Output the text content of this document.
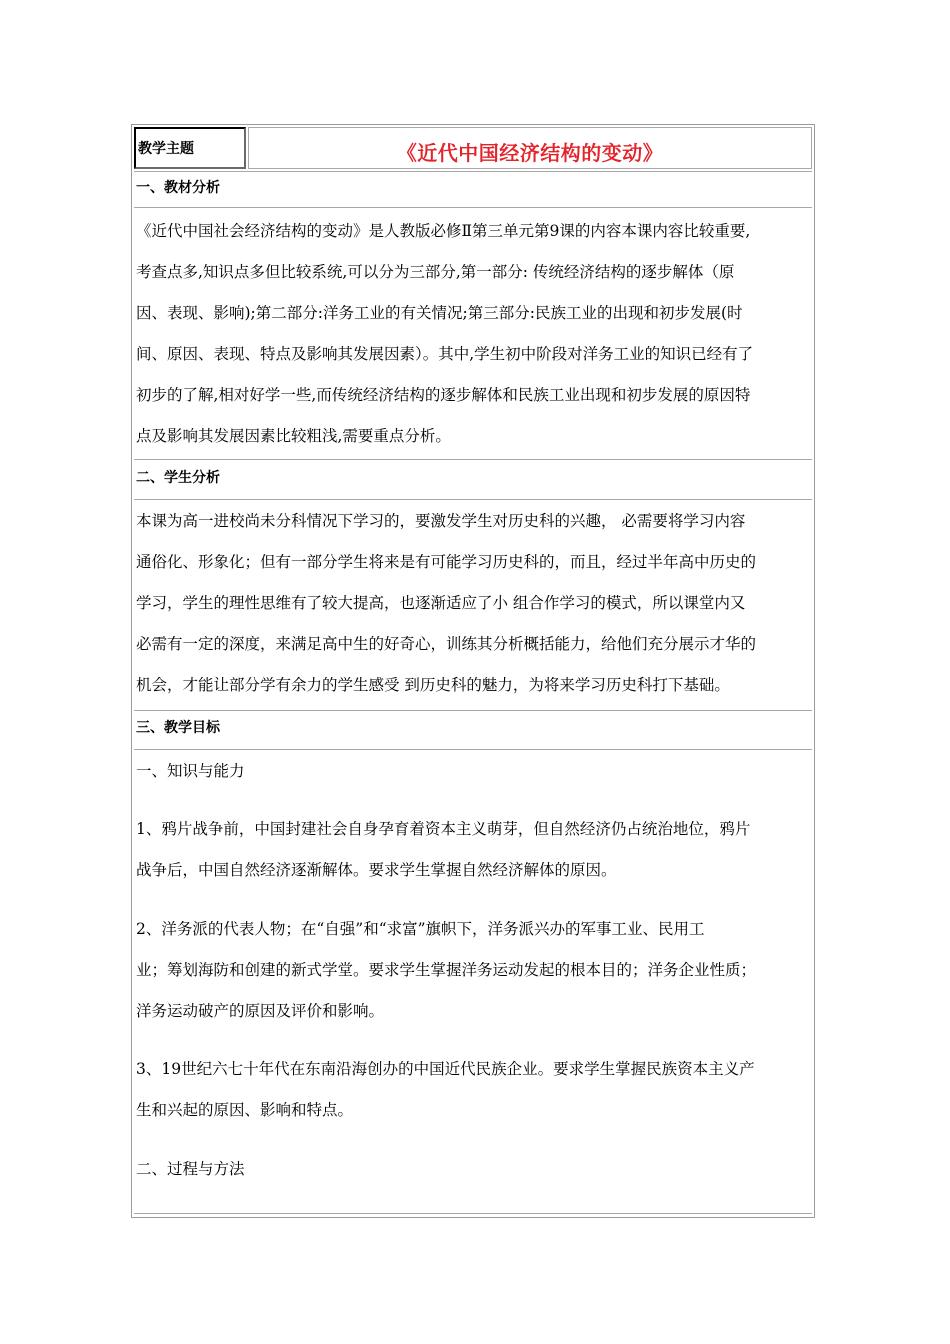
教学主题	《近代中国经济结构的变动》
一、教材分析
《近代中国社会经济结构的变动》是人教版必修Ⅱ第三单元第9课的内容本课内容比较重要,
考查点多,知识点多但比较系统,可以分为三部分,第一部分: 传统经济结构的逐步解体（原
因、表现、影响);第二部分:洋务工业的有关情况;第三部分:民族工业的出现和初步发展(时
间、原因、表现、特点及影响其发展因素）。其中,学生初中阶段对洋务工业的知识已经有了
初步的了解,相对好学一些,而传统经济结构的逐步解体和民族工业出现和初步发展的原因特
点及影响其发展因素比较粗浅,需要重点分析。
二、学生分析
本课为高一进校尚未分科情况下学习的，要激发学生对历史科的兴趣， 必需要将学习内容
通俗化、形象化；但有一部分学生将来是有可能学习历史科的，而且，经过半年高中历史的
学习，学生的理性思维有了较大提高，也逐渐适应了小 组合作学习的模式，所以课堂内又
必需有一定的深度，来满足高中生的好奇心，训练其分析概括能力，给他们充分展示才华的
机会，才能让部分学有余力的学生感受 到历史科的魅力，为将来学习历史科打下基础。
三、教学目标
一、知识与能力
1、鸦片战争前，中国封建社会自身孕育着资本主义萌芽，但自然经济仍占统治地位，鸦片
战争后，中国自然经济逐渐解体。要求学生掌握自然经济解体的原因。
2、洋务派的代表人物；在“自强”和“求富”旗帜下，洋务派兴办的军事工业、民用工
业；筹划海防和创建的新式学堂。要求学生掌握洋务运动发起的根本目的；洋务企业性质；
洋务运动破产的原因及评价和影响。
3、19世纪六七十年代在东南沿海创办的中国近代民族企业。要求学生掌握民族资本主义产
生和兴起的原因、影响和特点。
二、过程与方法
